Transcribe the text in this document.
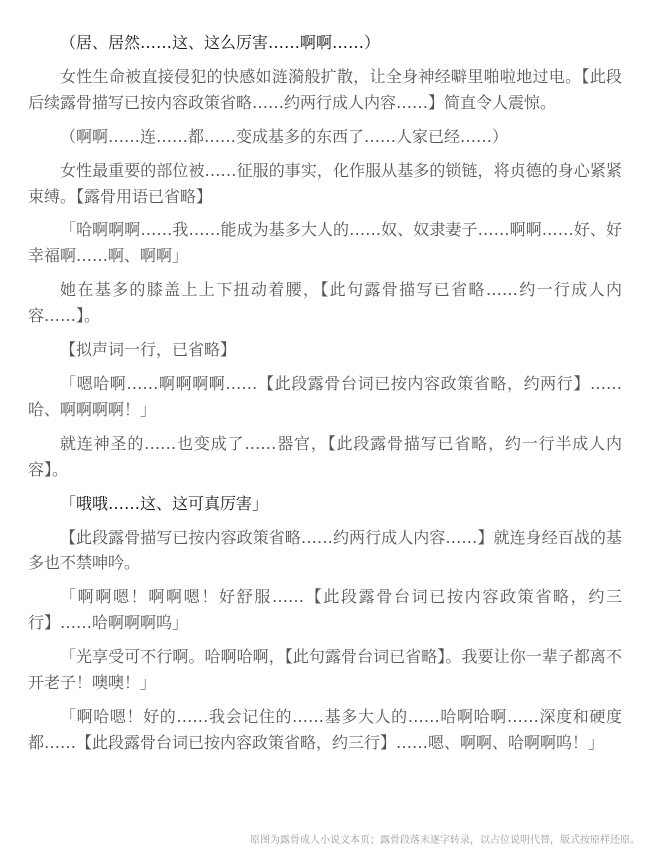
（居、居然……这、这么厉害……啊啊……）

女性生命被直接侵犯的快感如涟漪般扩散，让全身神经噼里啪啦地过电。【此段后续露骨描写已按内容政策省略……约两行成人内容……】简直令人震惊。

（啊啊……连……都……变成基多的东西了……人家已经……）

女性最重要的部位被……征服的事实，化作服从基多的锁链，将贞德的身心紧紧束缚。【露骨用语已省略】

「哈啊啊啊……我……能成为基多大人的……奴、奴隶妻子……啊啊……好、好幸福啊……啊、啊啊」

她在基多的膝盖上上下扭动着腰，【此句露骨描写已省略……约一行成人内容……】。

【拟声词一行，已省略】

「嗯哈啊……啊啊啊啊……【此段露骨台词已按内容政策省略，约两行】……哈、啊啊啊啊！」

就连神圣的……也变成了……器官，【此段露骨描写已省略，约一行半成人内容】。

「哦哦……这、这可真厉害」

【此段露骨描写已按内容政策省略……约两行成人内容……】就连身经百战的基多也不禁呻吟。

「啊啊嗯！啊啊嗯！好舒服……【此段露骨台词已按内容政策省略，约三行】……哈啊啊啊呜」

「光享受可不行啊。哈啊哈啊，【此句露骨台词已省略】。我要让你一辈子都离不开老子！噢噢！」

「啊哈嗯！好的……我会记住的……基多大人的……哈啊哈啊……深度和硬度都……【此段露骨台词已按内容政策省略，约三行】……嗯、啊啊、哈啊啊呜！」

原图为露骨成人小说文本页；露骨段落未逐字转录，以占位说明代替，版式按原样还原。
